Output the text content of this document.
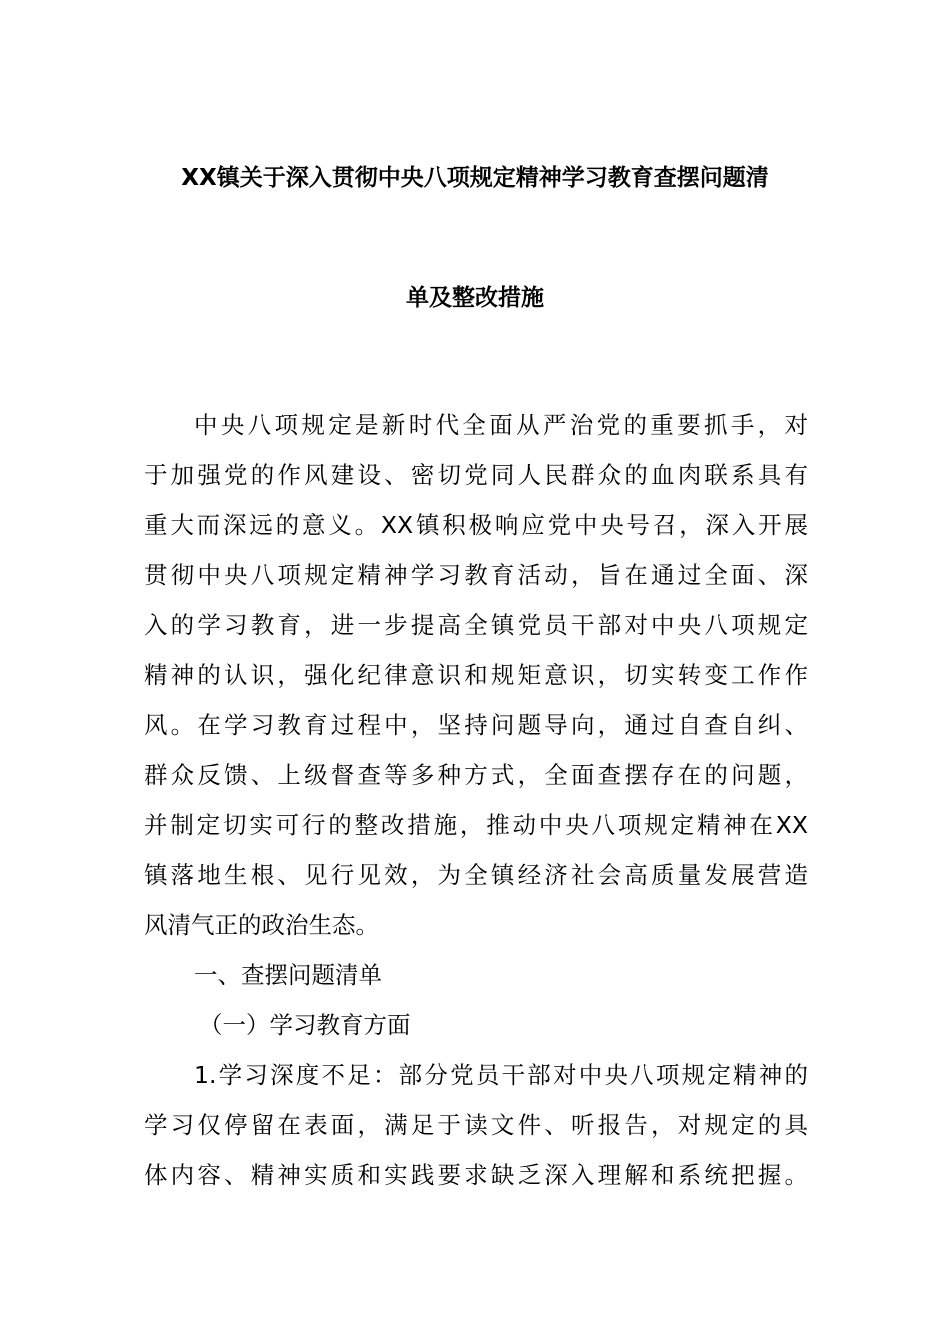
XX镇关于深入贯彻中央八项规定精神学习教育查摆问题清
单及整改措施
中央八项规定是新时代全面从严治党的重要抓手，对
于加强党的作风建设、密切党同人民群众的血肉联系具有
重大而深远的意义。XX镇积极响应党中央号召，深入开展
贯彻中央八项规定精神学习教育活动，旨在通过全面、深
入的学习教育，进一步提高全镇党员干部对中央八项规定
精神的认识，强化纪律意识和规矩意识，切实转变工作作
风。在学习教育过程中，坚持问题导向，通过自查自纠、
群众反馈、上级督查等多种方式，全面查摆存在的问题，
并制定切实可行的整改措施，推动中央八项规定精神在XX
镇落地生根、见行见效，为全镇经济社会高质量发展营造
风清气正的政治生态。
一、查摆问题清单
（一）学习教育方面
1.学习深度不足：部分党员干部对中央八项规定精神的
学习仅停留在表面，满足于读文件、听报告，对规定的具
体内容、精神实质和实践要求缺乏深入理解和系统把握。
